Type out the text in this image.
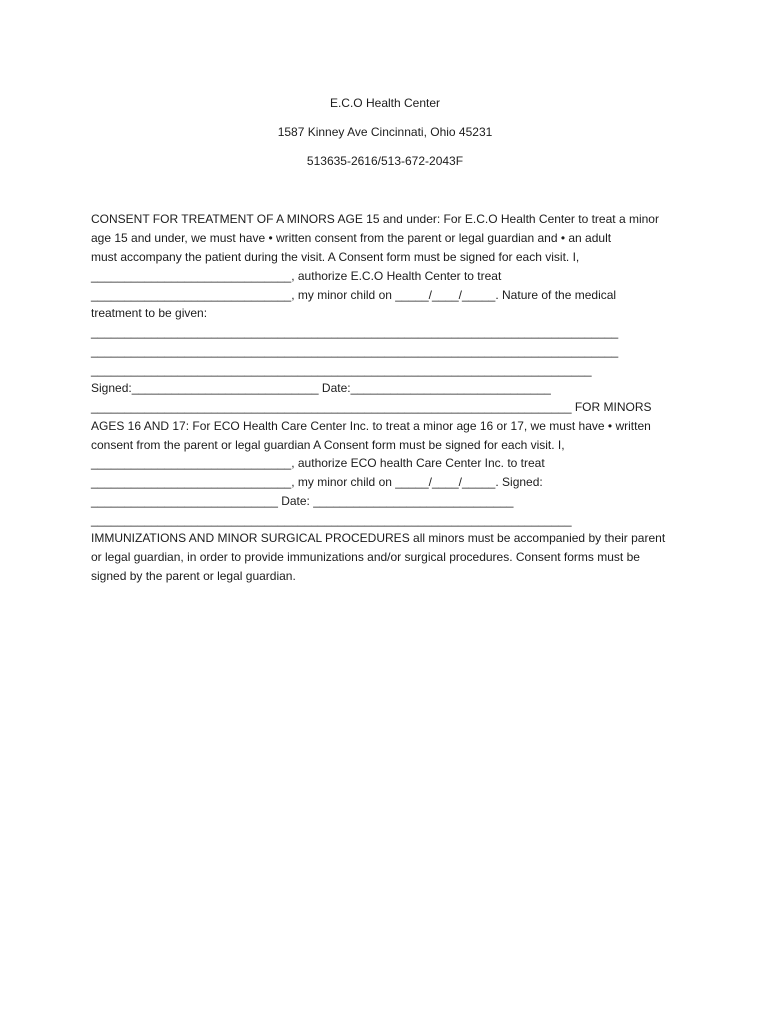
E.C.O Health Center
1587 Kinney Ave Cincinnati, Ohio 45231
513635-2616/513-672-2043F
CONSENT FOR TREATMENT OF A MINORS AGE 15 and under: For E.C.O Health Center to treat a minor
age 15 and under, we must have • written consent from the parent or legal guardian and • an adult
must accompany the patient during the visit. A Consent form must be signed for each visit. I,
______________________________, authorize E.C.O Health Center to treat
______________________________, my minor child on _____/____/_____. Nature of the medical
treatment to be given:
_______________________________________________________________________________
_______________________________________________________________________________
___________________________________________________________________________
Signed:____________________________ Date:______________________________
________________________________________________________________________ FOR MINORS
AGES 16 AND 17: For ECO Health Care Center Inc. to treat a minor age 16 or 17, we must have • written
consent from the parent or legal guardian A Consent form must be signed for each visit. I,
______________________________, authorize ECO health Care Center Inc. to treat
______________________________, my minor child on _____/____/_____. Signed:
____________________________ Date: ______________________________
________________________________________________________________________
IMMUNIZATIONS AND MINOR SURGICAL PROCEDURES all minors must be accompanied by their parent
or legal guardian, in order to provide immunizations and/or surgical procedures. Consent forms must be
signed by the parent or legal guardian.
